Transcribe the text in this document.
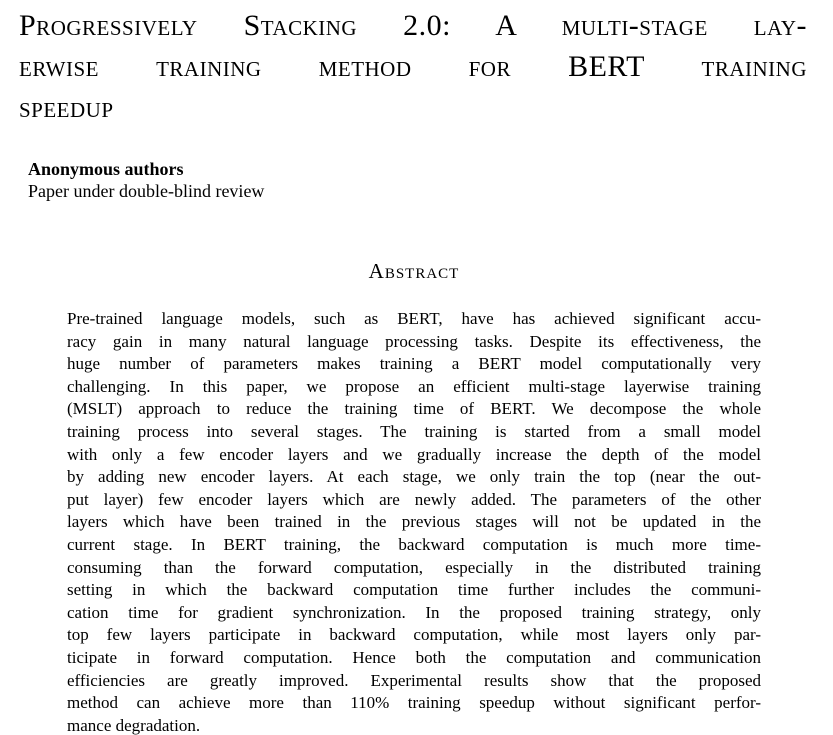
Progressively Stacking 2.0: A multi-stage lay-
erwise training method for BERT training
speedup
Anonymous authors
Paper under double-blind review
Abstract
Pre-trained language models, such as BERT, have has achieved significant accu-
racy gain in many natural language processing tasks. Despite its effectiveness, the
huge number of parameters makes training a BERT model computationally very
challenging. In this paper, we propose an efficient multi-stage layerwise training
(MSLT) approach to reduce the training time of BERT. We decompose the whole
training process into several stages. The training is started from a small model
with only a few encoder layers and we gradually increase the depth of the model
by adding new encoder layers. At each stage, we only train the top (near the out-
put layer) few encoder layers which are newly added. The parameters of the other
layers which have been trained in the previous stages will not be updated in the
current stage. In BERT training, the backward computation is much more time-
consuming than the forward computation, especially in the distributed training
setting in which the backward computation time further includes the communi-
cation time for gradient synchronization. In the proposed training strategy, only
top few layers participate in backward computation, while most layers only par-
ticipate in forward computation. Hence both the computation and communication
efficiencies are greatly improved. Experimental results show that the proposed
method can achieve more than 110% training speedup without significant perfor-
mance degradation.
